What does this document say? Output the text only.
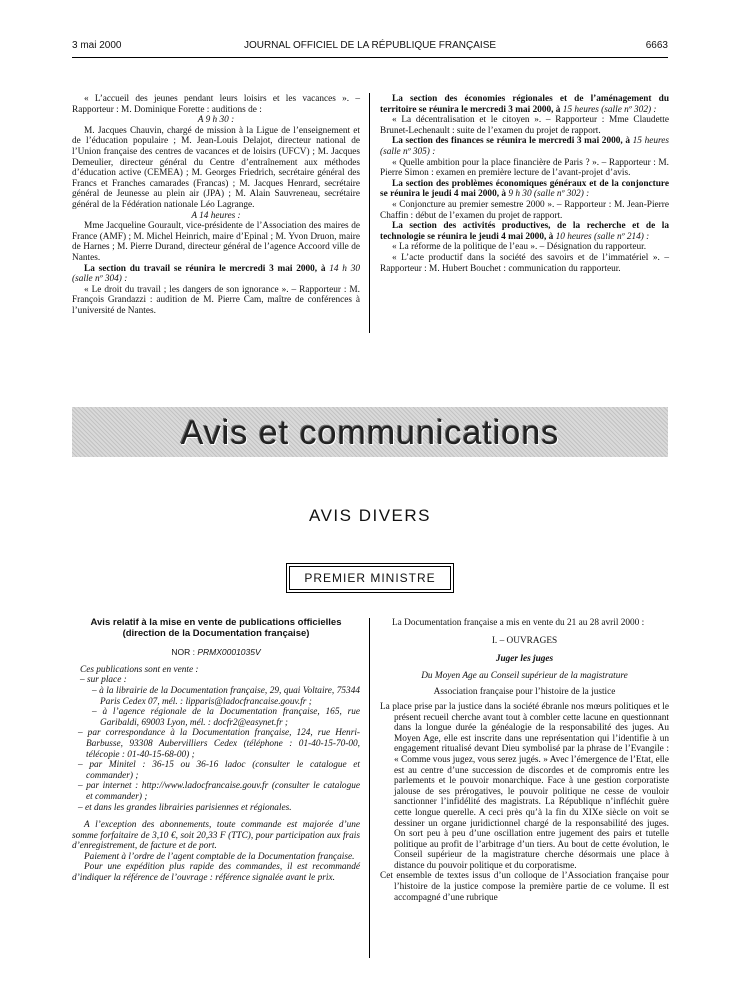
3 mai 2000	JOURNAL OFFICIEL DE LA RÉPUBLIQUE FRANÇAISE	6663

« L’accueil des jeunes pendant leurs loisirs et les vacances ». – Rapporteur : M. Dominique Forette : auditions de :

A 9 h 30 :

M. Jacques Chauvin, chargé de mission à la Ligue de l’enseignement et de l’éducation populaire ; M. Jean-Louis Delajot, directeur national de l’Union française des centres de vacances et de loisirs (UFCV) ; M. Jacques Demeulier, directeur général du Centre d’entraînement aux méthodes d’éducation active (CEMEA) ; M. Georges Friedrich, secrétaire général des Francs et Franches camarades (Francas) ; M. Jacques Henrard, secrétaire général de Jeunesse au plein air (JPA) ; M. Alain Sauvreneau, secrétaire général de la Fédération nationale Léo Lagrange.

A 14 heures :

Mme Jacqueline Gourault, vice-présidente de l’Association des maires de France (AMF) ; M. Michel Heinrich, maire d’Epinal ; M. Yvon Druon, maire de Harnes ; M. Pierre Durand, directeur général de l’agence Accoord ville de Nantes.

La section du travail se réunira le mercredi 3 mai 2000, à 14 h 30 (salle nº 304) :

« Le droit du travail ; les dangers de son ignorance ». – Rapporteur : M. François Grandazzi : audition de M. Pierre Cam, maître de conférences à l’université de Nantes.

La section des économies régionales et de l’aménagement du territoire se réunira le mercredi 3 mai 2000, à 15 heures (salle nº 302) :

« La décentralisation et le citoyen ». – Rapporteur : Mme Claudette Brunet-Lechenault : suite de l’examen du projet de rapport.

La section des finances se réunira le mercredi 3 mai 2000, à 15 heures (salle nº 305) :

« Quelle ambition pour la place financière de Paris ? ». – Rapporteur : M. Pierre Simon : examen en première lecture de l’avant-projet d’avis.

La section des problèmes économiques généraux et de la conjoncture se réunira le jeudi 4 mai 2000, à 9 h 30 (salle nº 302) :

« Conjoncture au premier semestre 2000 ». – Rapporteur : M. Jean-Pierre Chaffin : début de l’examen du projet de rapport.

La section des activités productives, de la recherche et de la technologie se réunira le jeudi 4 mai 2000, à 10 heures (salle nº 214) :

« La réforme de la politique de l’eau ». – Désignation du rapporteur.

« L’acte productif dans la société des savoirs et de l’immatériel ». – Rapporteur : M. Hubert Bouchet : communication du rapporteur.

Avis et communications
AVIS DIVERS
PREMIER MINISTRE

Avis relatif à la mise en vente de publications officielles

(direction de la Documentation française)

NOR : PRMX0001035V

Ces publications sont en vente :

– sur place :

– à la librairie de la Documentation française, 29, quai Voltaire, 75344 Paris Cedex 07, mél. : lipparis@ladocfrancaise.gouv.fr ;

– à l’agence régionale de la Documentation française, 165, rue Garibaldi, 69003 Lyon, mél. : docfr2@easynet.fr ;

– par correspondance à la Documentation française, 124, rue Henri-Barbusse, 93308 Aubervilliers Cedex (téléphone : 01-40-15-70-00, télécopie : 01-40-15-68-00) ;

– par Minitel : 36-15 ou 36-16 ladoc (consulter le catalogue et commander) ;

– par internet : http://www.ladocfrancaise.gouv.fr (consulter le catalogue et commander) ;

– et dans les grandes librairies parisiennes et régionales.

A l’exception des abonnements, toute commande est majorée d’une somme forfaitaire de 3,10 €, soit 20,33 F (TTC), pour participation aux frais d’enregistrement, de facture et de port.

Paiement à l’ordre de l’agent comptable de la Documentation française.

Pour une expédition plus rapide des commandes, il est recommandé d’indiquer la référence de l’ouvrage : référence signalée avant le prix.

La Documentation française a mis en vente du 21 au 28 avril 2000 :

I. – OUVRAGES

Juger les juges

Du Moyen Age au Conseil supérieur de la magistrature

Association française pour l’histoire de la justice

La place prise par la justice dans la société ébranle nos mœurs politiques et le présent recueil cherche avant tout à combler cette lacune en questionnant dans la longue durée la généalogie de la responsabilité des juges. Au Moyen Age, elle est inscrite dans une représentation qui l’identifie à un engagement ritualisé devant Dieu symbolisé par la phrase de l’Evangile : « Comme vous jugez, vous serez jugés. » Avec l’émergence de l’Etat, elle est au centre d’une succession de discordes et de compromis entre les parlements et le pouvoir monarchique. Face à une gestion corporatiste jalouse de ses prérogatives, le pouvoir politique ne cesse de vouloir sanctionner l’infidélité des magistrats. La République n’infléchit guère cette longue querelle. A ceci près qu’à la fin du XIXe siècle on voit se dessiner un organe juridictionnel chargé de la responsabilité des juges. On sort peu à peu d’une oscillation entre jugement des pairs et tutelle politique au profit de l’arbitrage d’un tiers. Au bout de cette évolution, le Conseil supérieur de la magistrature cherche désormais une place à distance du pouvoir politique et du corporatisme.

Cet ensemble de textes issus d’un colloque de l’Association française pour l’histoire de la justice compose la première partie de ce volume. Il est accompagné d’une rubrique
